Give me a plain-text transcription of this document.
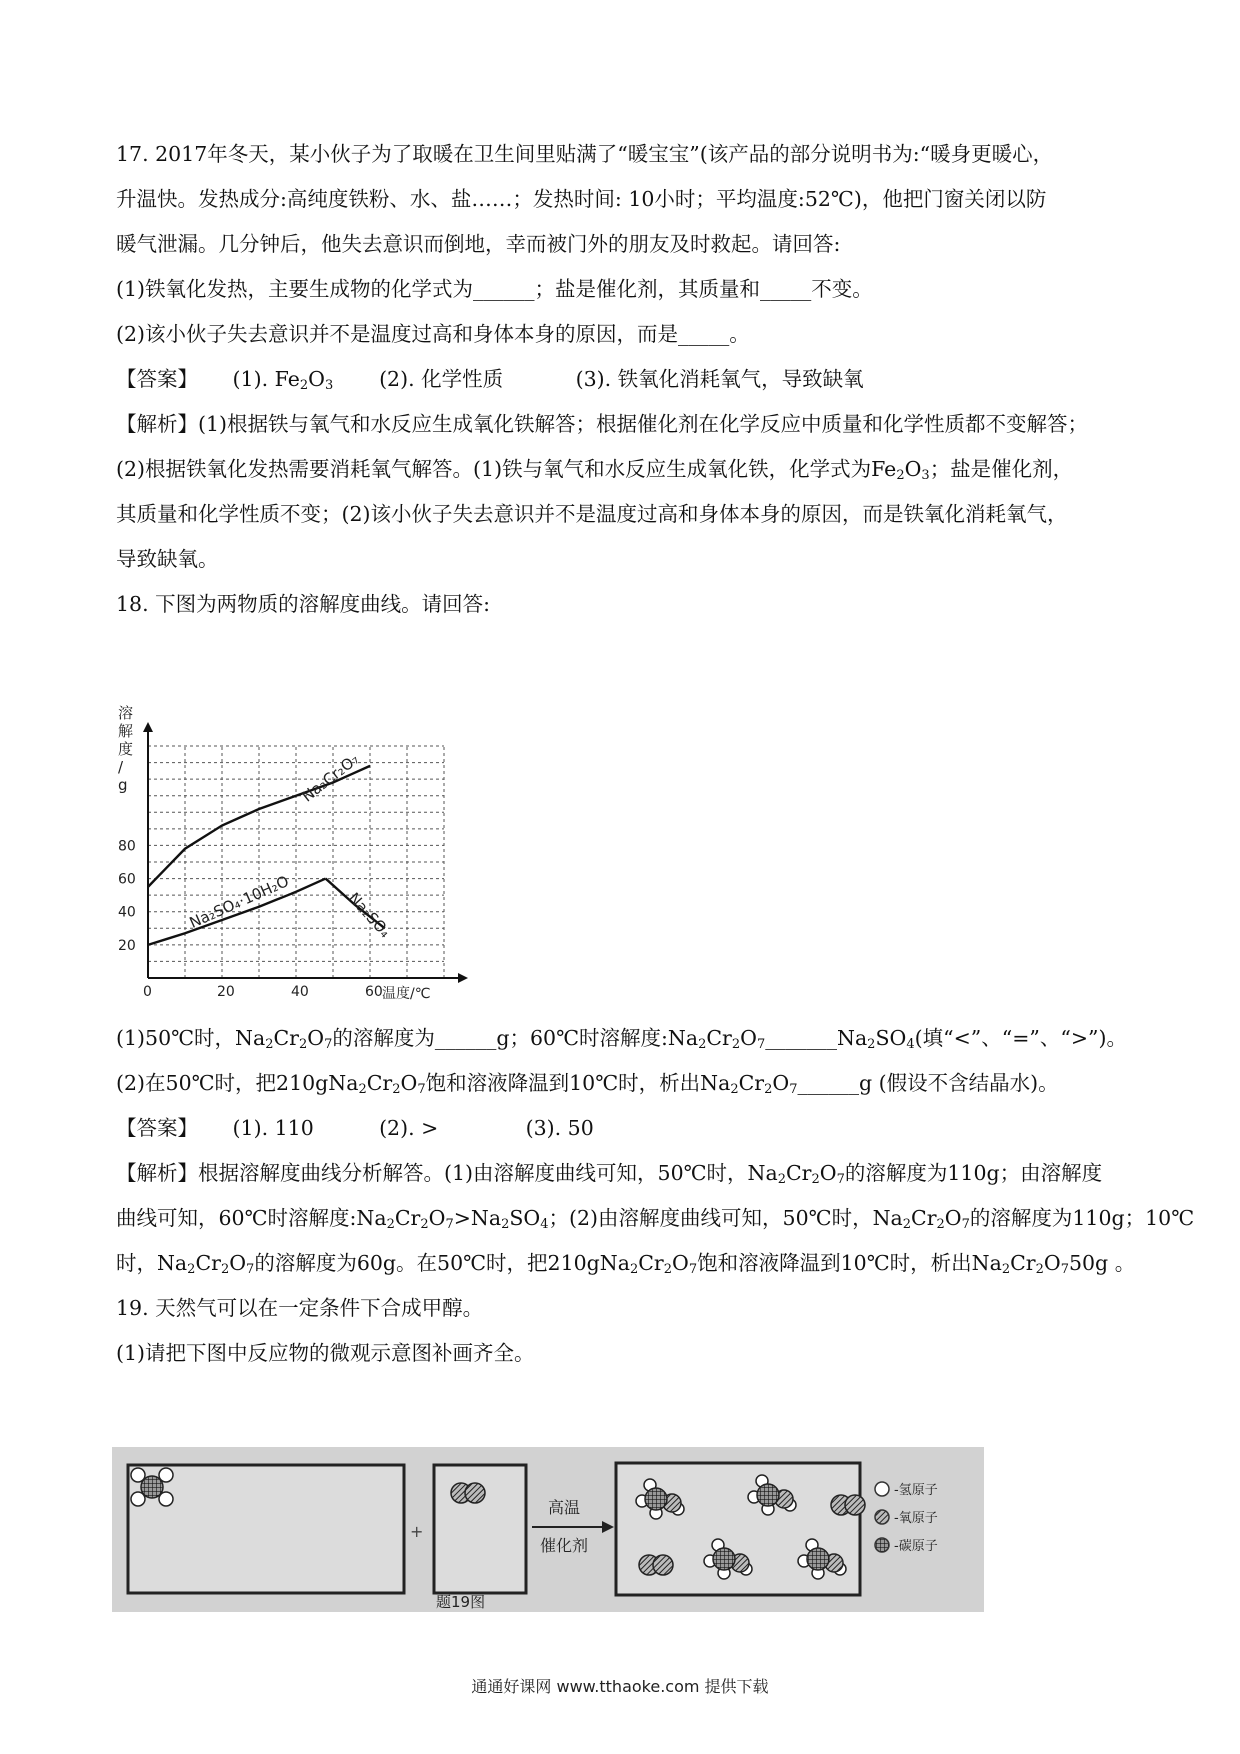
17. 2017年冬天，某小伙子为了取暖在卫生间里贴满了“暖宝宝”(该产品的部分说明书为:“暖身更暖心，
升温快。发热成分:高纯度铁粉、水、盐……；发热时间: 10小时；平均温度:52℃)，他把门窗关闭以防
暖气泄漏。几分钟后，他失去意识而倒地，幸而被门外的朋友及时救起。请回答:
(1)铁氧化发热，主要生成物的化学式为______；盐是催化剂，其质量和_____不变。
(2)该小伙子失去意识并不是温度过高和身体本身的原因，而是_____。
【答案】 (1). $Fe_2O_3$ (2). 化学性质	(3). 铁氧化消耗氧气，导致缺氧
【解析】(1)根据铁与氧气和水反应生成氧化铁解答；根据催化剂在化学反应中质量和化学性质都不变解答；
(2)根据铁氧化发热需要消耗氧气解答。(1)铁与氧气和水反应生成氧化铁，化学式为$Fe_2O_3$；盐是催化剂，
其质量和化学性质不变；(2)该小伙子失去意识并不是温度过高和身体本身的原因，而是铁氧化消耗氧气，
导致缺氧。
18. 下图为两物质的溶解度曲线。请回答:
0	20	40	60
20
40
60
80
Na₂Cr₂O₇
Na₂SO₄·10H₂O	Na₂SO₄
溶解度/ g
温度/℃
(1)50℃时，$Na_2Cr_2O_7$的溶解度为______g；60℃时溶解度$:Na_2Cr_2O_7\_\_\_\_\_\_\_Na_2SO_4$(填“<”、“=”、“>”)。
(2)在50℃时，把$210gNa_2Cr_2O_7$饱和溶液降温到10℃时，析出$Na_2Cr_2O_7\_\_\_\_\_\_g$ (假设不含结晶水)。
【答案】 (1). 110	(2). >	(3). 50
【解析】根据溶解度曲线分析解答。(1)由溶解度曲线可知，50℃时，$Na_2Cr_2O_7$的溶解度为110g；由溶解度
曲线可知，60℃时溶解度$:Na_2Cr_2O_7>Na_2SO_4$；(2)由溶解度曲线可知，50℃时，$Na_2Cr_2O_7$的溶解度为110g；10℃
时，$Na_2Cr_2O_7$的溶解度为60g。在50℃时，把$210gNa_2Cr_2O_7$饱和溶液降温到10℃时，析出$Na_2Cr_2O_750g$ 。
19. 天然气可以在一定条件下合成甲醇。
(1)请把下图中反应物的微观示意图补画齐全。
+
高温
催化剂
-氢原子
-氧原子
-碳原子
题19图
通通好课网 www.tthaoke.com 提供下载
